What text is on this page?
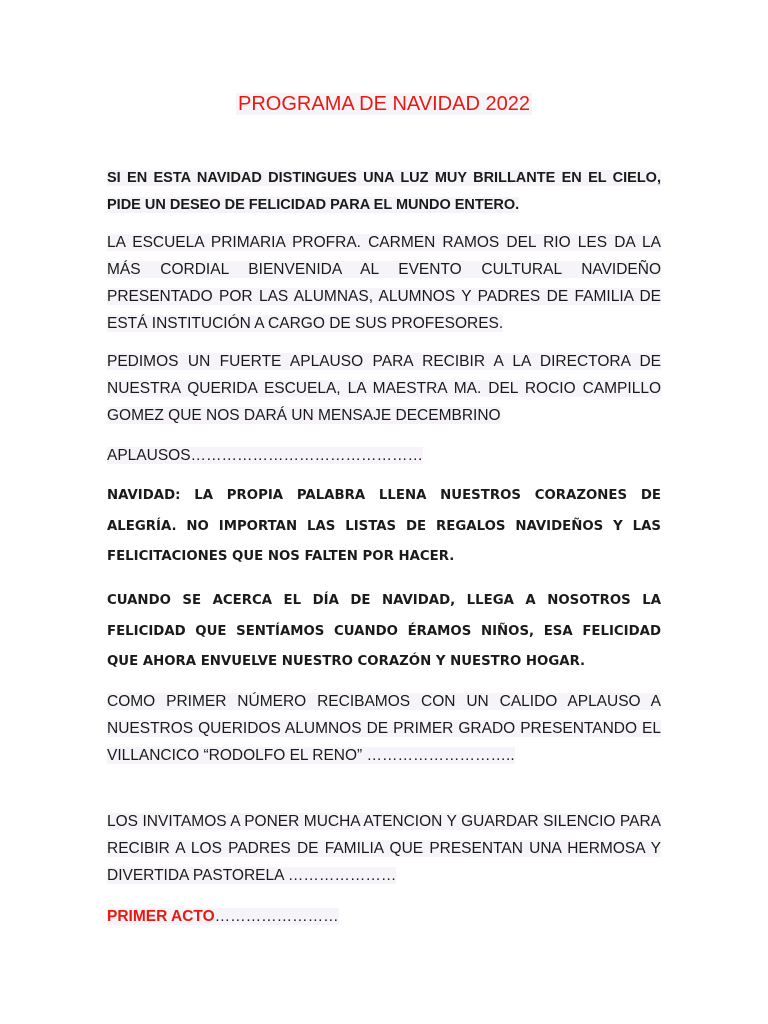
PROGRAMA DE NAVIDAD 2022

SI EN ESTA NAVIDAD DISTINGUES UNA LUZ MUY BRILLANTE EN EL CIELO, PIDE UN DESEO DE FELICIDAD PARA EL MUNDO ENTERO.

LA ESCUELA PRIMARIA PROFRA. CARMEN RAMOS DEL RIO LES DA LA MÁS CORDIAL BIENVENIDA AL EVENTO CULTURAL NAVIDEÑO PRESENTADO POR LAS ALUMNAS, ALUMNOS Y PADRES DE FAMILIA DE ESTÁ INSTITUCIÓN A CARGO DE SUS PROFESORES.

PEDIMOS UN FUERTE APLAUSO PARA RECIBIR A LA DIRECTORA DE NUESTRA QUERIDA ESCUELA, LA MAESTRA MA. DEL ROCIO CAMPILLO GOMEZ QUE NOS DARÁ UN MENSAJE DECEMBRINO

APLAUSOS………………………………………

NAVIDAD: LA PROPIA PALABRA LLENA NUESTROS CORAZONES DE ALEGRÍA. NO IMPORTAN LAS LISTAS DE REGALOS NAVIDEÑOS Y LAS FELICITACIONES QUE NOS FALTEN POR HACER.

CUANDO SE ACERCA EL DÍA DE NAVIDAD, LLEGA A NOSOTROS LA FELICIDAD QUE SENTÍAMOS CUANDO ÉRAMOS NIÑOS, ESA FELICIDAD QUE AHORA ENVUELVE NUESTRO CORAZÓN Y NUESTRO HOGAR.

COMO PRIMER NÚMERO RECIBAMOS CON UN CALIDO APLAUSO A NUESTROS QUERIDOS ALUMNOS DE PRIMER GRADO PRESENTANDO EL VILLANCICO “RODOLFO EL RENO” ………………………..

LOS INVITAMOS A PONER MUCHA ATENCION Y GUARDAR SILENCIO PARA RECIBIR A LOS PADRES DE FAMILIA QUE PRESENTAN UNA HERMOSA Y DIVERTIDA PASTORELA …………………

PRIMER ACTO……………………
